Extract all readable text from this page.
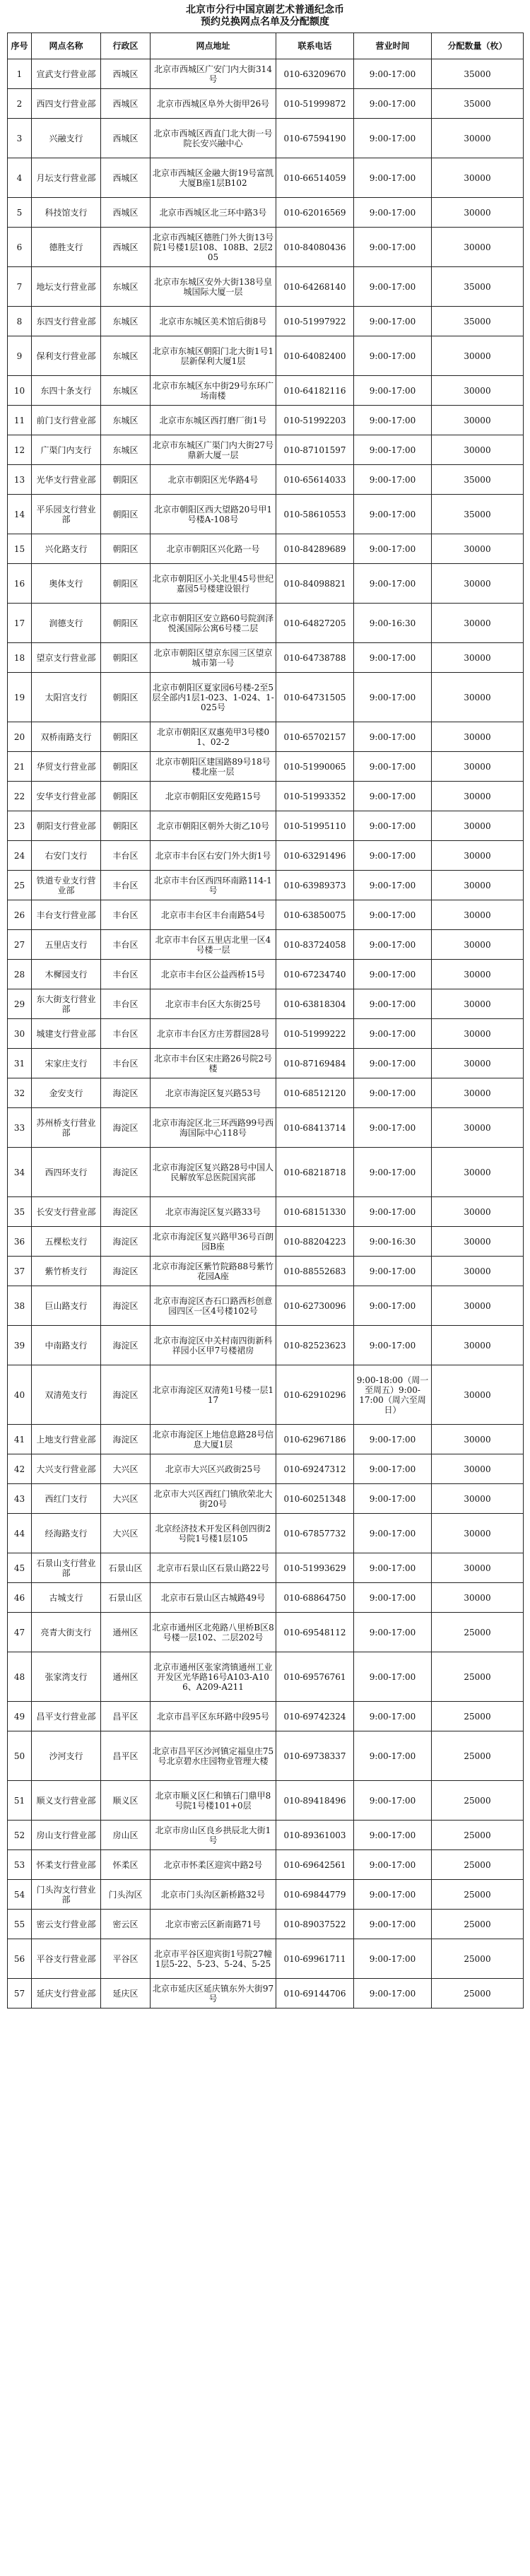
北京市分行中国京剧艺术普通纪念币
预约兑换网点名单及分配额度
序号	网点名称	行政区	网点地址	联系电话	营业时间	分配数量（枚）
1	宣武支行营业部	西城区	北京市西城区广安门内大街314号	010-63209670	9:00-17:00	35000
2	西四支行营业部	西城区	北京市西城区阜外大街甲26号	010-51999872	9:00-17:00	35000
3	兴融支行	西城区	北京市西城区西直门北大街一号院长安兴融中心	010-67594190	9:00-17:00	30000
4	月坛支行营业部	西城区	北京市西城区金融大街19号富凯大厦B座1层B102	010-66514059	9:00-17:00	30000
5	科技馆支行	西城区	北京市西城区北三环中路3号	010-62016569	9:00-17:00	30000
6	德胜支行	西城区	北京市西城区德胜门外大街13号院1号楼1层108、108B、2层205	010-84080436	9:00-17:00	30000
7	地坛支行营业部	东城区	北京市东城区安外大街138号皇城国际大厦一层	010-64268140	9:00-17:00	35000
8	东四支行营业部	东城区	北京市东城区美术馆后街8号	010-51997922	9:00-17:00	35000
9	保利支行营业部	东城区	北京市东城区朝阳门北大街1号1层新保利大厦1层	010-64082400	9:00-17:00	30000
10	东四十条支行	东城区	北京市东城区东中街29号东环广场南楼	010-64182116	9:00-17:00	30000
11	前门支行营业部	东城区	北京市东城区西打磨厂街1号	010-51992203	9:00-17:00	30000
12	广渠门内支行	东城区	北京市东城区广渠门内大街27号鼎新大厦一层	010-87101597	9:00-17:00	30000
13	光华支行营业部	朝阳区	北京市朝阳区光华路4号	010-65614033	9:00-17:00	35000
14	平乐园支行营业部	朝阳区	北京市朝阳区西大望路20号甲1号楼A-108号	010-58610553	9:00-17:00	35000
15	兴化路支行	朝阳区	北京市朝阳区兴化路一号	010-84289689	9:00-17:00	30000
16	奥体支行	朝阳区	北京市朝阳区小关北里45号世纪嘉园5号楼建设银行	010-84098821	9:00-17:00	30000
17	润德支行	朝阳区	北京市朝阳区安立路60号院润泽悦溪国际公寓6号楼二层	010-64827205	9:00-16:30	30000
18	望京支行营业部	朝阳区	北京市朝阳区望京东园三区望京城市第一号	010-64738788	9:00-17:00	30000
19	太阳宫支行	朝阳区	北京市朝阳区夏家园6号楼-2至5层全部内1层1-023、1-024、1-025号	010-64731505	9:00-17:00	30000
20	双桥南路支行	朝阳区	北京市朝阳区双惠苑甲3号楼01、02-2	010-65702157	9:00-17:00	30000
21	华贸支行营业部	朝阳区	北京市朝阳区建国路89号18号楼北座一层	010-51990065	9:00-17:00	30000
22	安华支行营业部	朝阳区	北京市朝阳区安苑路15号	010-51993352	9:00-17:00	30000
23	朝阳支行营业部	朝阳区	北京市朝阳区朝外大街乙10号	010-51995110	9:00-17:00	30000
24	右安门支行	丰台区	北京市丰台区右安门外大街1号	010-63291496	9:00-17:00	30000
25	铁道专业支行营业部	丰台区	北京市丰台区西四环南路114-1号	010-63989373	9:00-17:00	30000
26	丰台支行营业部	丰台区	北京市丰台区丰台南路54号	010-63850075	9:00-17:00	30000
27	五里店支行	丰台区	北京市丰台区五里店北里一区4号楼一层	010-83724058	9:00-17:00	30000
28	木樨园支行	丰台区	北京市丰台区公益西桥15号	010-67234740	9:00-17:00	30000
29	东大街支行营业部	丰台区	北京市丰台区大东街25号	010-63818304	9:00-17:00	30000
30	城建支行营业部	丰台区	北京市丰台区方庄芳群园28号	010-51999222	9:00-17:00	30000
31	宋家庄支行	丰台区	北京市丰台区宋庄路26号院2号楼	010-87169484	9:00-17:00	30000
32	金安支行	海淀区	北京市海淀区复兴路53号	010-68512120	9:00-17:00	30000
33	苏州桥支行营业部	海淀区	北京市海淀区北三环西路99号西海国际中心118号	010-68413714	9:00-17:00	30000
34	西四环支行	海淀区	北京市海淀区复兴路28号中国人民解放军总医院国宾部	010-68218718	9:00-17:00	30000
35	长安支行营业部	海淀区	北京市海淀区复兴路33号	010-68151330	9:00-17:00	30000
36	五棵松支行	海淀区	北京市海淀区复兴路甲36号百朗园B座	010-88204223	9:00-16:30	30000
37	紫竹桥支行	海淀区	北京市海淀区紫竹院路88号紫竹花园A座	010-88552683	9:00-17:00	30000
38	巨山路支行	海淀区	北京市海淀区杏石口路西杉创意园四区一区4号楼102号	010-62730096	9:00-17:00	30000
39	中南路支行	海淀区	北京市海淀区中关村南四街新科祥园小区甲7号楼裙房	010-82523623	9:00-17:00	30000
40	双清苑支行	海淀区	北京市海淀区双清苑1号楼一层117	010-62910296	9:00-18:00（周一至周五）9:00-17:00（周六至周日）	30000
41	上地支行营业部	海淀区	北京市海淀区上地信息路28号信息大厦1层	010-62967186	9:00-17:00	30000
42	大兴支行营业部	大兴区	北京市大兴区兴政街25号	010-69247312	9:00-17:00	30000
43	西红门支行	大兴区	北京市大兴区西红门镇欣荣北大街20号	010-60251348	9:00-17:00	30000
44	经海路支行	大兴区	北京经济技术开发区科创四街2号院1号楼1层105	010-67857732	9:00-17:00	30000
45	石景山支行营业部	石景山区	北京市石景山区石景山路22号	010-51993629	9:00-17:00	30000
46	古城支行	石景山区	北京市石景山区古城路49号	010-68864750	9:00-17:00	30000
47	亮青大街支行	通州区	北京市通州区北苑路八里桥B区8号楼一层102、二层202号	010-69548112	9:00-17:00	25000
48	张家湾支行	通州区	北京市通州区张家湾镇通州工业开发区光华路16号A103-A106、A209-A211	010-69576761	9:00-17:00	25000
49	昌平支行营业部	昌平区	北京市昌平区东环路中段95号	010-69742324	9:00-17:00	25000
50	沙河支行	昌平区	北京市昌平区沙河镇定福皇庄75号北京碧水庄园物业管理大楼	010-69738337	9:00-17:00	25000
51	顺义支行营业部	顺义区	北京市顺义区仁和镇石门鼎甲8号院1号楼101+0层	010-89418496	9:00-17:00	25000
52	房山支行营业部	房山区	北京市房山区良乡拱辰北大街1号	010-89361003	9:00-17:00	25000
53	怀柔支行营业部	怀柔区	北京市怀柔区迎宾中路2号	010-69642561	9:00-17:00	25000
54	门头沟支行营业部	门头沟区	北京市门头沟区新桥路32号	010-69844779	9:00-17:00	25000
55	密云支行营业部	密云区	北京市密云区新南路71号	010-89037522	9:00-17:00	25000
56	平谷支行营业部	平谷区	北京市平谷区迎宾街1号院27幢1层5-22、5-23、5-24、5-25	010-69961711	9:00-17:00	25000
57	延庆支行营业部	延庆区	北京市延庆区延庆镇东外大街97号	010-69144706	9:00-17:00	25000
